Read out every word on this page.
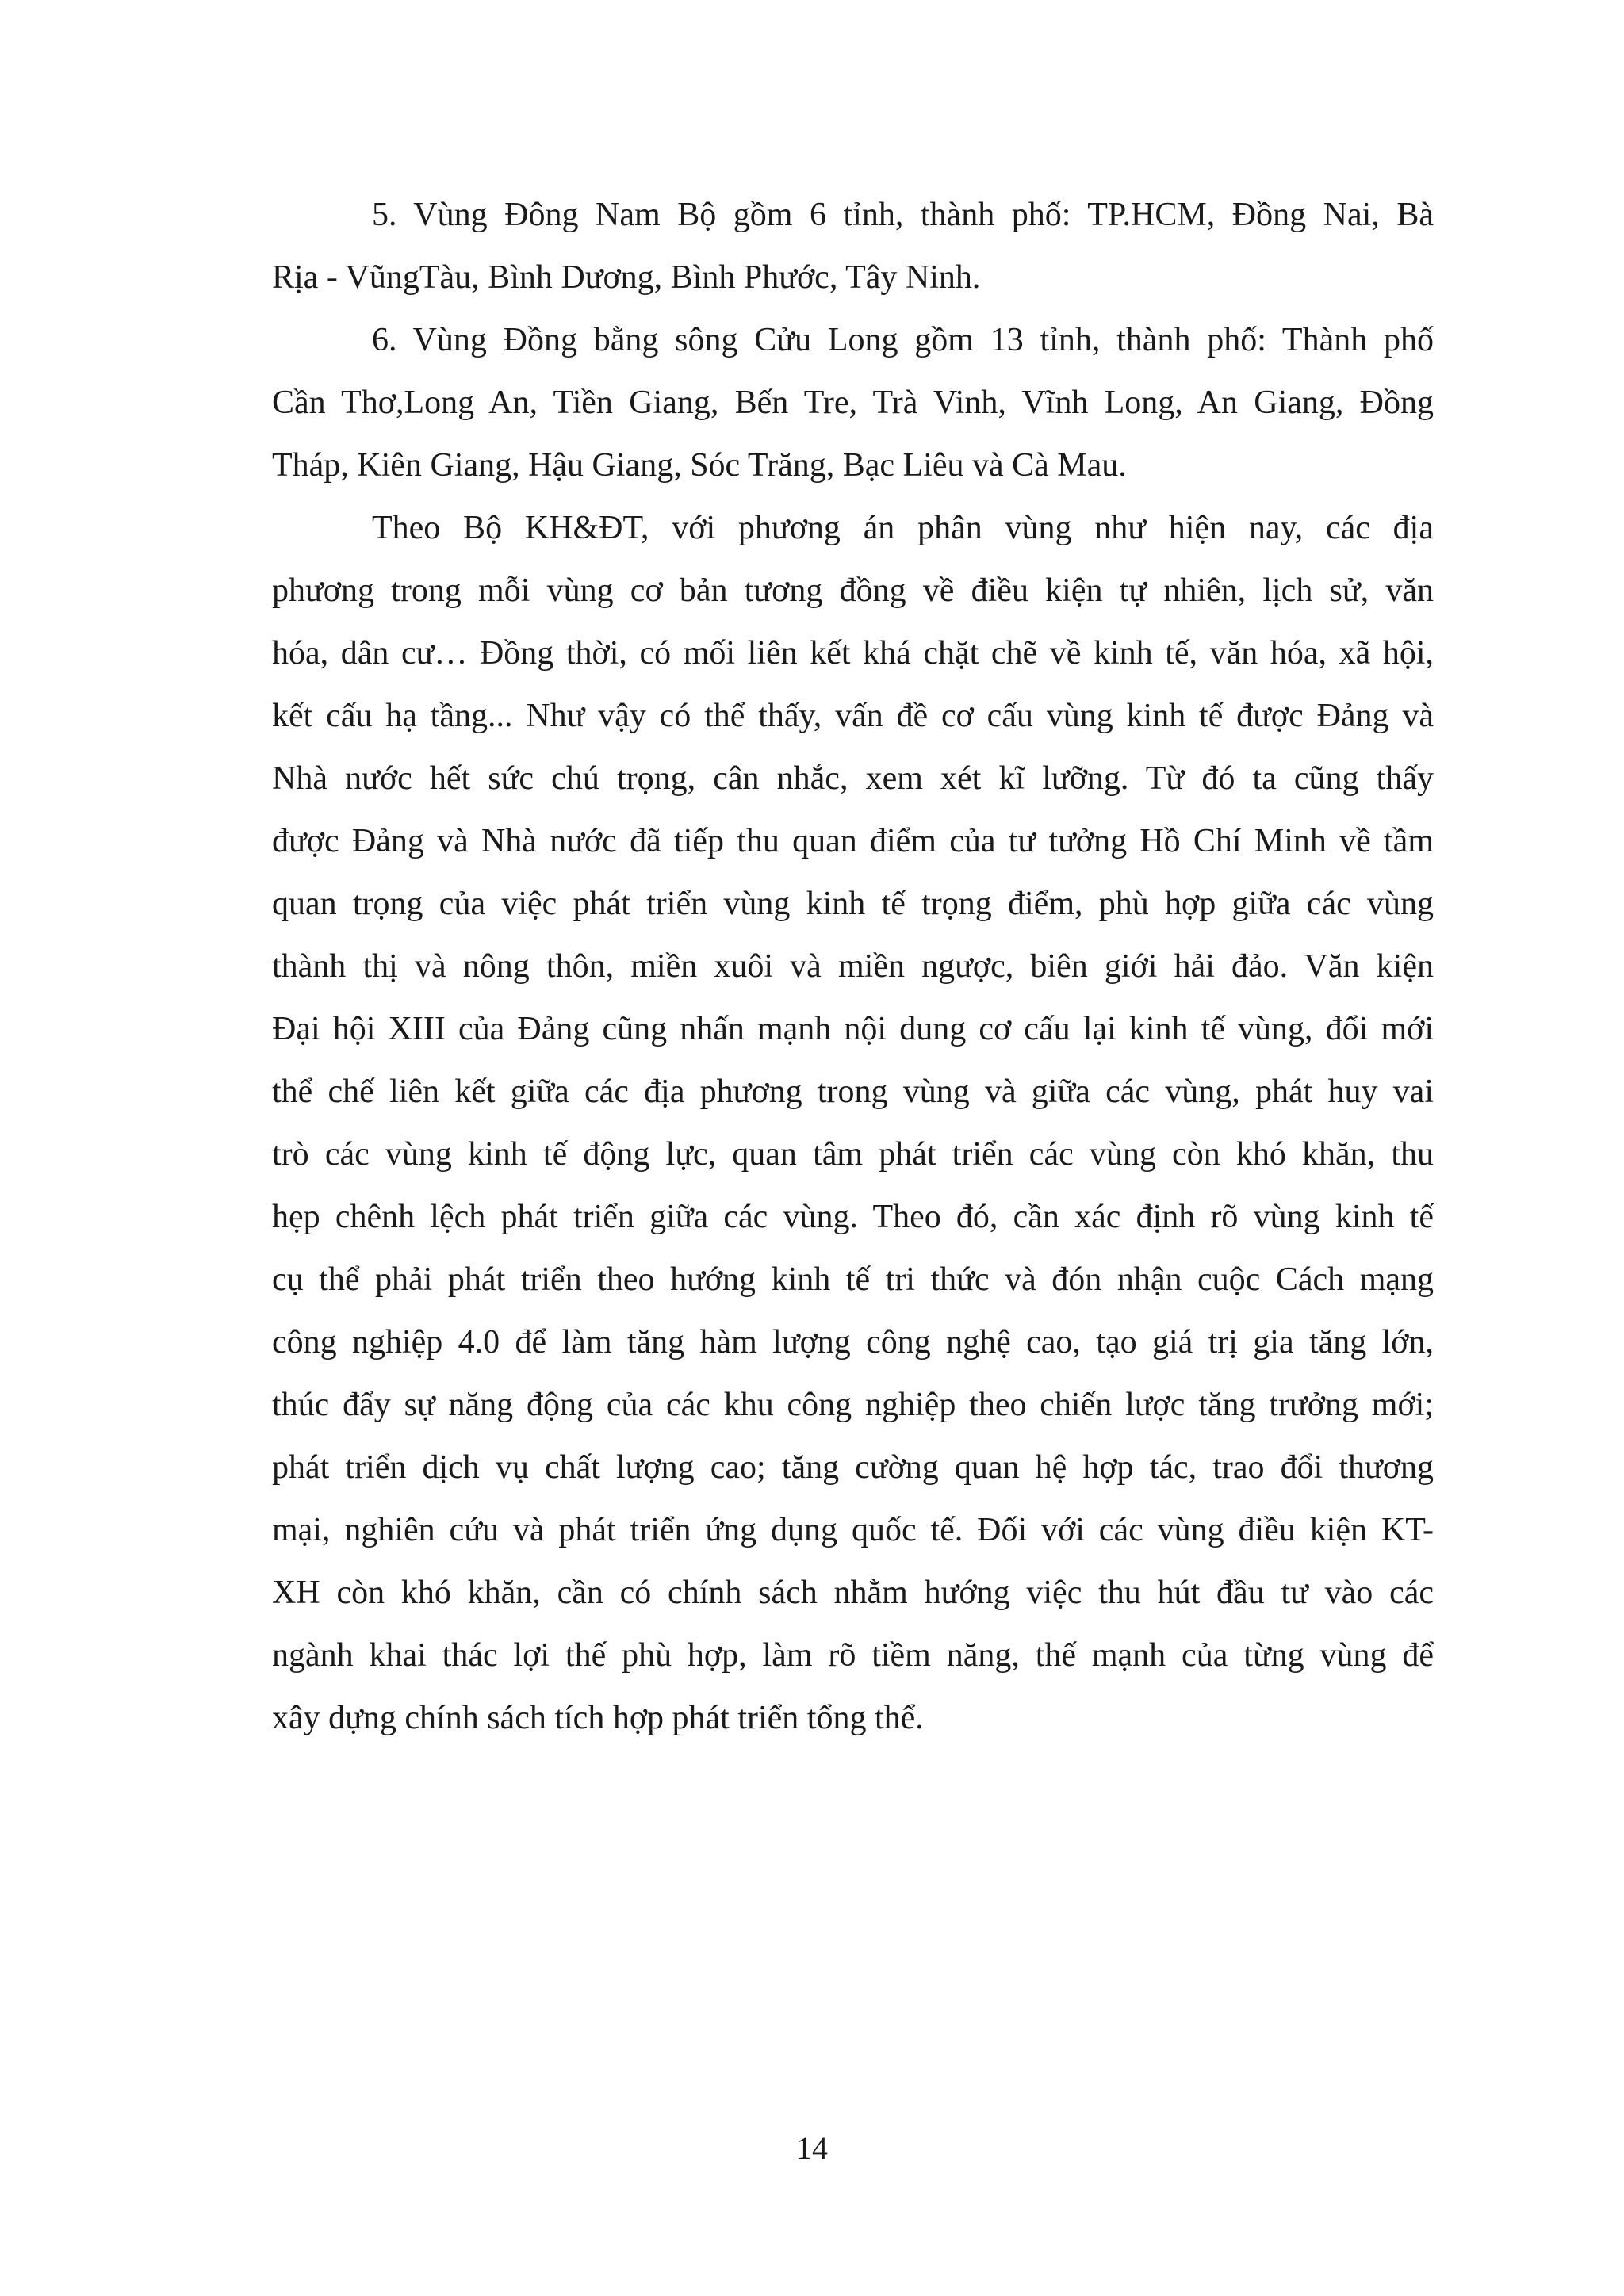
5. Vùng Đông Nam Bộ gồm 6 tỉnh, thành phố: TP.HCM, Đồng Nai, Bà
Rịa - VũngTàu, Bình Dương, Bình Phước, Tây Ninh.
6. Vùng Đồng bằng sông Cửu Long gồm 13 tỉnh, thành phố: Thành phố
Cần Thơ,Long An, Tiền Giang, Bến Tre, Trà Vinh, Vĩnh Long, An Giang, Đồng
Tháp, Kiên Giang, Hậu Giang, Sóc Trăng, Bạc Liêu và Cà Mau.
Theo Bộ KH&ĐT, với phương án phân vùng như hiện nay, các địa
phương trong mỗi vùng cơ bản tương đồng về điều kiện tự nhiên, lịch sử, văn
hóa, dân cư… Đồng thời, có mối liên kết khá chặt chẽ về kinh tế, văn hóa, xã hội,
kết cấu hạ tầng... Như vậy có thể thấy, vấn đề cơ cấu vùng kinh tế được Đảng và
Nhà nước hết sức chú trọng, cân nhắc, xem xét kĩ lưỡng. Từ đó ta cũng thấy
được Đảng và Nhà nước đã tiếp thu quan điểm của tư tưởng Hồ Chí Minh về tầm
quan trọng của việc phát triển vùng kinh tế trọng điểm, phù hợp giữa các vùng
thành thị và nông thôn, miền xuôi và miền ngược, biên giới hải đảo. Văn kiện
Đại hội XIII của Đảng cũng nhấn mạnh nội dung cơ cấu lại kinh tế vùng, đổi mới
thể chế liên kết giữa các địa phương trong vùng và giữa các vùng, phát huy vai
trò các vùng kinh tế động lực, quan tâm phát triển các vùng còn khó khăn, thu
hẹp chênh lệch phát triển giữa các vùng. Theo đó, cần xác định rõ vùng kinh tế
cụ thể phải phát triển theo hướng kinh tế tri thức và đón nhận cuộc Cách mạng
công nghiệp 4.0 để làm tăng hàm lượng công nghệ cao, tạo giá trị gia tăng lớn,
thúc đẩy sự năng động của các khu công nghiệp theo chiến lược tăng trưởng mới;
phát triển dịch vụ chất lượng cao; tăng cường quan hệ hợp tác, trao đổi thương
mại, nghiên cứu và phát triển ứng dụng quốc tế. Đối với các vùng điều kiện KT-
XH còn khó khăn, cần có chính sách nhằm hướng việc thu hút đầu tư vào các
ngành khai thác lợi thế phù hợp, làm rõ tiềm năng, thế mạnh của từng vùng để
xây dựng chính sách tích hợp phát triển tổng thể.
14
